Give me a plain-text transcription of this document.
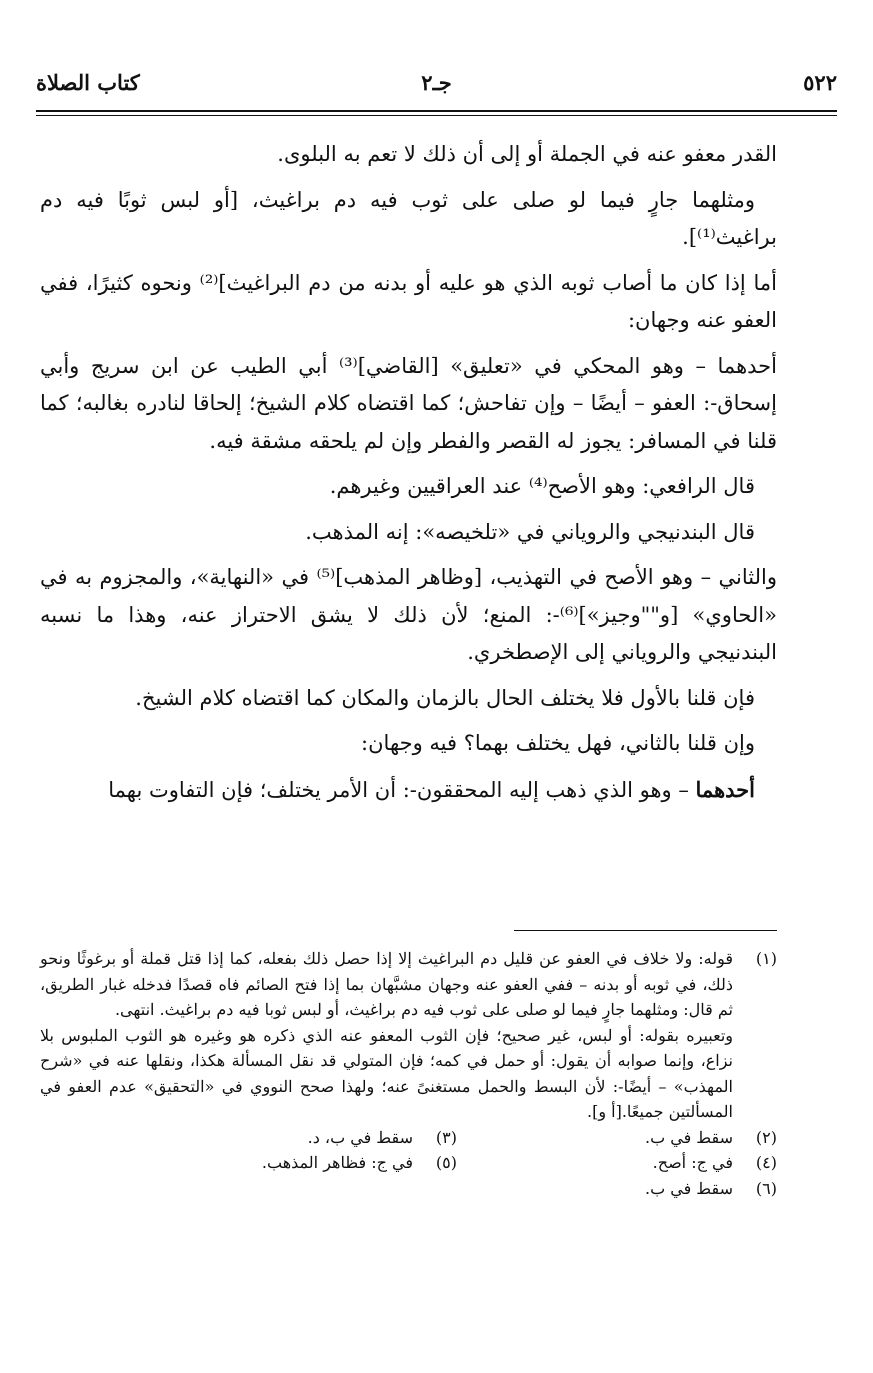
٥٢٢
جـ٢
كتاب الصلاة

القدر معفو عنه في الجملة أو إلى أن ذلك لا تعم به البلوى.

ومثلهما جارٍ فيما لو صلى على ثوب فيه دم براغيث، [أو لبس ثوبًا فيه دم براغيث⁽¹⁾].

أما إذا كان ما أصاب ثوبه الذي هو عليه أو بدنه من دم البراغيث]⁽²⁾ ونحوه كثيرًا، ففي العفو عنه وجهان:

أحدهما – وهو المحكي في «تعليق» [القاضي]⁽³⁾ أبي الطيب عن ابن سريج وأبي إسحاق-: العفو – أيضًا – وإن تفاحش؛ كما اقتضاه كلام الشيخ؛ إلحاقا لنادره بغالبه؛ كما قلنا في المسافر: يجوز له القصر والفطر وإن لم يلحقه مشقة فيه.

قال الرافعي: وهو الأصح⁽⁴⁾ عند العراقيين وغيرهم.

قال البندنيجي والروياني في «تلخيصه»: إنه المذهب.

والثاني – وهو الأصح في التهذيب، [وظاهر المذهب]⁽⁵⁾ في «النهاية»، والمجزوم به في «الحاوي» [و""وجيز»]⁽⁶⁾-: المنع؛ لأن ذلك لا يشق الاحتراز عنه، وهذا ما نسبه البندنيجي والروياني إلى الإصطخري.

فإن قلنا بالأول فلا يختلف الحال بالزمان والمكان كما اقتضاه كلام الشيخ.

وإن قلنا بالثاني، فهل يختلف بهما؟ فيه وجهان:

أحدهما – وهو الذي ذهب إليه المحققون-: أن الأمر يختلف؛ فإن التفاوت بهما

(١)
قوله: ولا خلاف في العفو عن قليل دم البراغيث إلا إذا حصل ذلك بفعله، كما إذا قتل قملة أو برغوثًا ونحو ذلك، في ثوبه أو بدنه – ففي العفو عنه وجهان مشبَّهان بما إذا فتح الصائم فاه قصدًا فدخله غبار الطريق، ثم قال: ومثلهما جارٍ فيما لو صلى على ثوب فيه دم براغيث، أو لبس ثوبا فيه دم براغيث. انتهى.
وتعبيره بقوله: أو لبس، غير صحيح؛ فإن الثوب المعفو عنه الذي ذكره هو وغيره هو الثوب الملبوس بلا نزاع، وإنما صوابه أن يقول: أو حمل في كمه؛ فإن المتولي قد نقل المسألة هكذا، ونقلها عنه في «شرح المهذب» – أيضًا-: لأن البسط والحمل مستغنىً عنه؛ ولهذا صحح النووي في «التحقيق» عدم العفو في المسألتين جميعًا.[أ و].
(٢)سقط في ب.
(٣)سقط في ب، د.
(٤)في ج: أصح.
(٥)في ج: فظاهر المذهب.
(٦)سقط في ب.
